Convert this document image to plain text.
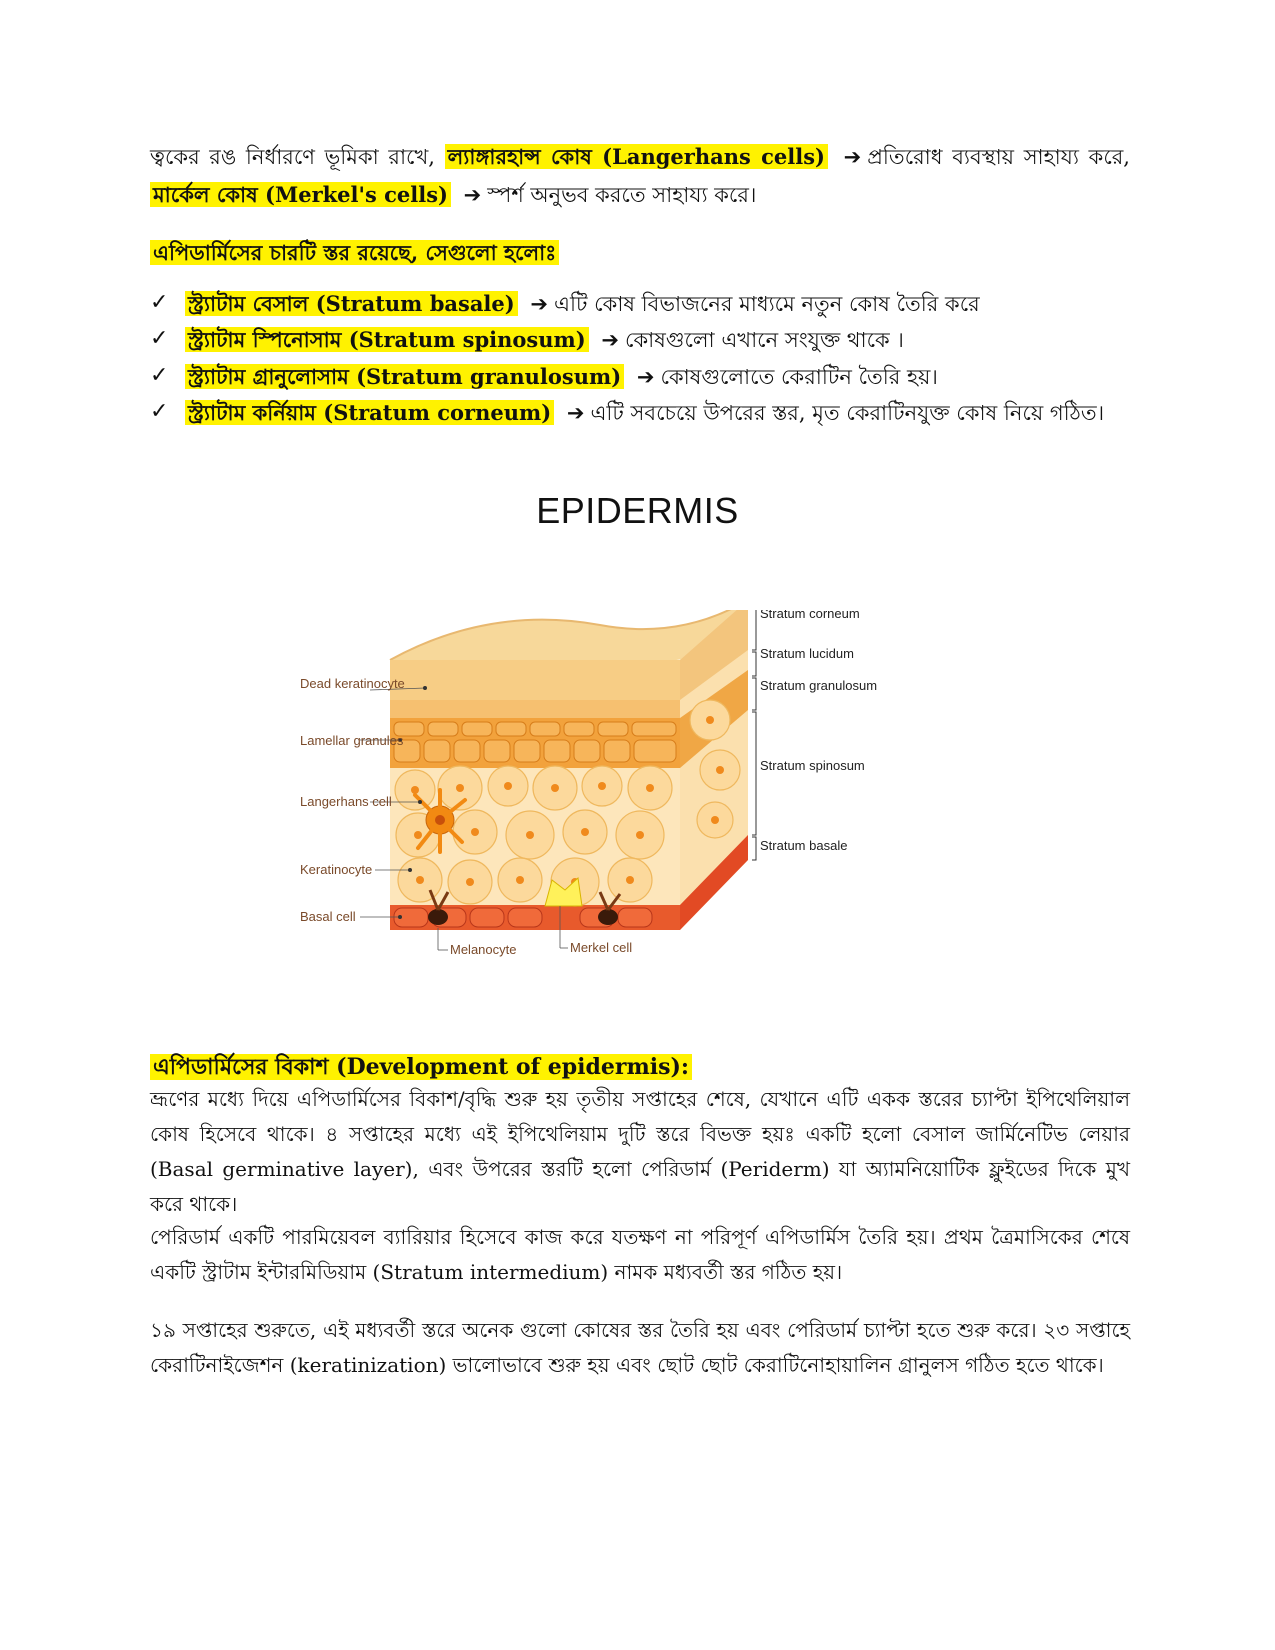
ত্বকের রঙ নির্ধারণে ভূমিকা রাখে, ল্যাঙ্গারহান্স কোষ (Langerhans cells) ➔ প্রতিরোধ ব্যবস্থায় সাহায্য করে,
মার্কেল কোষ (Merkel's cells) ➔ স্পর্শ অনুভব করতে সাহায্য করে।
এপিডার্মিসের চারটি স্তর রয়েছে, সেগুলো হলোঃ
✓ স্ট্র্যাটাম বেসাল (Stratum basale) ➔ এটি কোষ বিভাজনের মাধ্যমে নতুন কোষ তৈরি করে
✓ স্ট্র্যাটাম স্পিনোসাম (Stratum spinosum) ➔ কোষগুলো এখানে সংযুক্ত থাকে ।
✓ স্ট্র্যাটাম গ্রানুলোসাম (Stratum granulosum) ➔ কোষগুলোতে কেরাটিন তৈরি হয়।
✓ স্ট্র্যাটাম কর্নিয়াম (Stratum corneum) ➔ এটি সবচেয়ে উপরের স্তর, মৃত কেরাটিনযুক্ত কোষ নিয়ে গঠিত।
EPIDERMIS
Dead keratinocyte
Lamellar granules
Langerhans cell
Keratinocyte
Basal cell
Melanocyte	Merkel cell
Stratum corneum
Stratum lucidum
Stratum granulosum
Stratum spinosum
Stratum basale
এপিডার্মিসের বিকাশ (Development of epidermis):
ভ্রূণের মধ্যে দিয়ে এপিডার্মিসের বিকাশ/বৃদ্ধি শুরু হয় তৃতীয় সপ্তাহের শেষে, যেখানে এটি একক স্তরের চ্যাপ্টা ইপিথেলিয়াল কোষ হিসেবে থাকে। ৪ সপ্তাহের মধ্যে এই ইপিথেলিয়াম দুটি স্তরে বিভক্ত হয়ঃ একটি হলো বেসাল জার্মিনেটিভ লেয়ার (Basal germinative layer), এবং উপরের স্তরটি হলো পেরিডার্ম (Periderm) যা অ্যামনিয়োটিক ফ্লুইডের দিকে মুখ করে থাকে।
পেরিডার্ম একটি পারমিয়েবল ব্যারিয়ার হিসেবে কাজ করে যতক্ষণ না পরিপূর্ণ এপিডার্মিস তৈরি হয়। প্রথম ত্রৈমাসিকের শেষে একটি স্ট্রাটাম ইন্টারমিডিয়াম (Stratum intermedium) নামক মধ্যবর্তী স্তর গঠিত হয়।
১৯ সপ্তাহের শুরুতে, এই মধ্যবর্তী স্তরে অনেক গুলো কোষের স্তর তৈরি হয় এবং পেরিডার্ম চ্যাপ্টা হতে শুরু করে। ২৩ সপ্তাহে কেরাটিনাইজেশন (keratinization) ভালোভাবে শুরু হয় এবং ছোট ছোট কেরাটিনোহায়ালিন গ্রানুলস গঠিত হতে থাকে।
